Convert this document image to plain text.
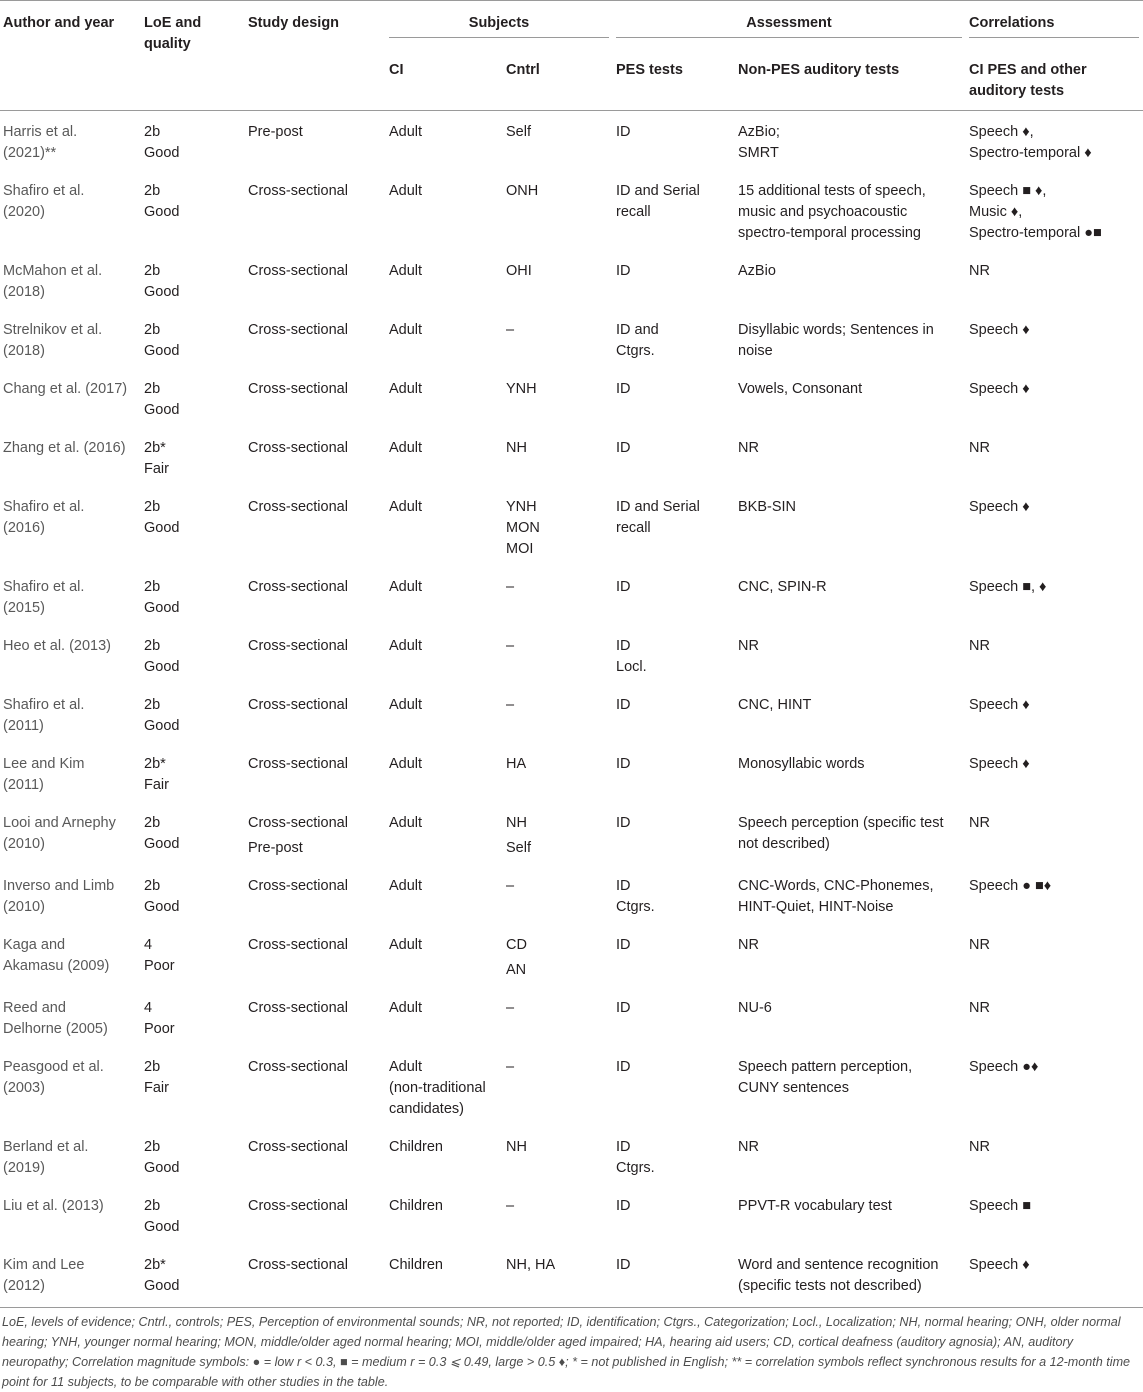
Author and year	LoE and quality	Study design	Subjects		Assessment		Correlations

			CI	Cntrl	PES tests	Non-PES auditory tests	CI PES and other auditory tests

Harris et al.
(2021)**	2b
Good	Pre-post	Adult	Self	ID	AzBio;
SMRT	Speech ♦,
Spectro-temporal ♦

Shafiro et al.
(2020)	2b
Good	Cross-sectional	Adult	ONH	ID and Serial
recall	15 additional tests of speech,
music and psychoacoustic
spectro-temporal processing	Speech ■ ♦,
Music ♦,
Spectro-temporal ●■

McMahon et al.
(2018)	2b
Good	Cross-sectional	Adult	OHI	ID	AzBio	NR

Strelnikov et al.
(2018)	2b
Good	Cross-sectional	Adult	–	ID and
Ctgrs.	Disyllabic words; Sentences in
noise	Speech ♦

Chang et al. (2017)	2b
Good	Cross-sectional	Adult	YNH	ID	Vowels, Consonant	Speech ♦

Zhang et al. (2016)	2b*
Fair	Cross-sectional	Adult	NH	ID	NR	NR

Shafiro et al.
(2016)	2b
Good	Cross-sectional	Adult	YNH
MON
MOI	ID and Serial
recall	BKB-SIN	Speech ♦

Shafiro et al.
(2015)	2b
Good	Cross-sectional	Adult	–	ID	CNC, SPIN-R	Speech ■, ♦

Heo et al. (2013)	2b
Good	Cross-sectional	Adult	–	ID
Locl.	NR	NR

Shafiro et al.
(2011)	2b
Good	Cross-sectional	Adult	–	ID	CNC, HINT	Speech ♦

Lee and Kim
(2011)	2b*
Fair	Cross-sectional	Adult	HA	ID	Monosyllabic words	Speech ♦

Looi and Arnephy
(2010)	2b
Good	Cross-sectional
Pre-post	Adult	NH
Self	ID	Speech perception (specific test
not described)	NR

Inverso and Limb
(2010)	2b
Good	Cross-sectional	Adult	–	ID
Ctgrs.	CNC-Words, CNC-Phonemes,
HINT-Quiet, HINT-Noise	Speech ● ■♦

Kaga and
Akamasu (2009)	4
Poor	Cross-sectional	Adult	CD
AN	ID	NR	NR

Reed and
Delhorne (2005)	4
Poor	Cross-sectional	Adult	–	ID	NU-6	NR

Peasgood et al.
(2003)	2b
Fair	Cross-sectional	Adult
(non-traditional
candidates)	–	ID	Speech pattern perception,
CUNY sentences	Speech ●♦

Berland et al.
(2019)	2b
Good	Cross-sectional	Children	NH	ID
Ctgrs.	NR	NR

Liu et al. (2013)	2b
Good	Cross-sectional	Children	–	ID	PPVT-R vocabulary test	Speech ■

Kim and Lee
(2012)	2b*
Good	Cross-sectional	Children	NH, HA	ID	Word and sentence recognition
(specific tests not described)	Speech ♦
LoE, levels of evidence; Cntrl., controls; PES, Perception of environmental sounds; NR, not reported; ID, identification; Ctgrs., Categorization; Locl., Localization; NH, normal hearing; ONH, older normal hearing; YNH, younger normal hearing; MON, middle/older aged normal hearing; MOI, middle/older aged impaired; HA, hearing aid users; CD, cortical deafness (auditory agnosia); AN, auditory neuropathy; Correlation magnitude symbols: ● = low r < 0.3, ■ = medium r = 0.3 ⩽ 0.49, large > 0.5 ♦; * = not published in English; ** = correlation symbols reflect synchronous results for a 12-month time point for 11 subjects, to be comparable with other studies in the table.
